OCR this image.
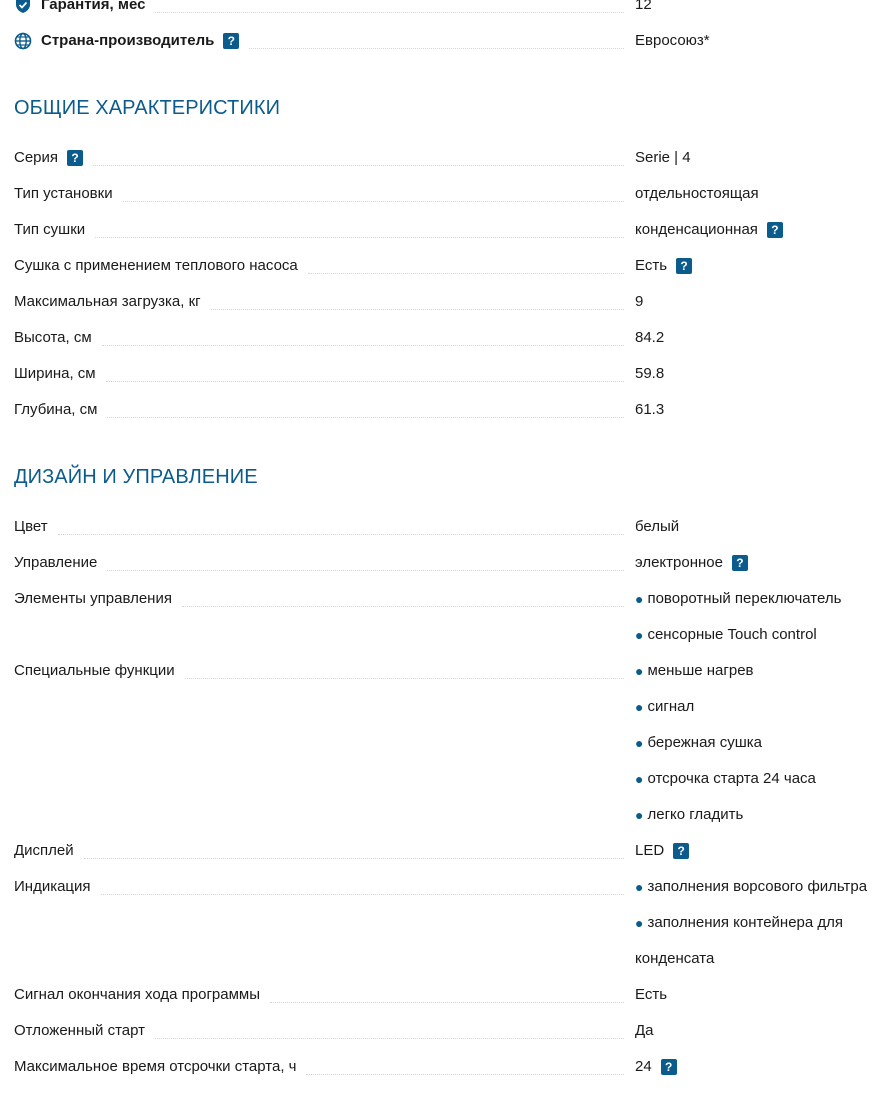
Гарантия, мес	12
Страна-производитель	?	Евросоюз*
ОБЩИЕ ХАРАКТЕРИСТИКИ
Серия	?	Serie | 4
Тип установки	отдельностоящая
Тип сушки	конденсационная	?
Сушка с применением теплового насоса	Есть	?
Максимальная загрузка, кг	9
Высота, см	84.2
Ширина, см	59.8
Глубина, см	61.3
ДИЗАЙН И УПРАВЛЕНИЕ
Цвет	белый
Управление	электронное	?
Элементы управления	● поворотный переключатель
● сенсорные Touch control
Специальные функции	● меньше нагрев
● сигнал
● бережная сушка
● отсрочка старта 24 часа
● легко гладить
Дисплей	LED	?
Индикация	● заполнения ворсового фильтра
● заполнения контейнера для
конденсата
Сигнал окончания хода программы	Есть
Отложенный старт	Да
Максимальное время отсрочки старта, ч	24	?
